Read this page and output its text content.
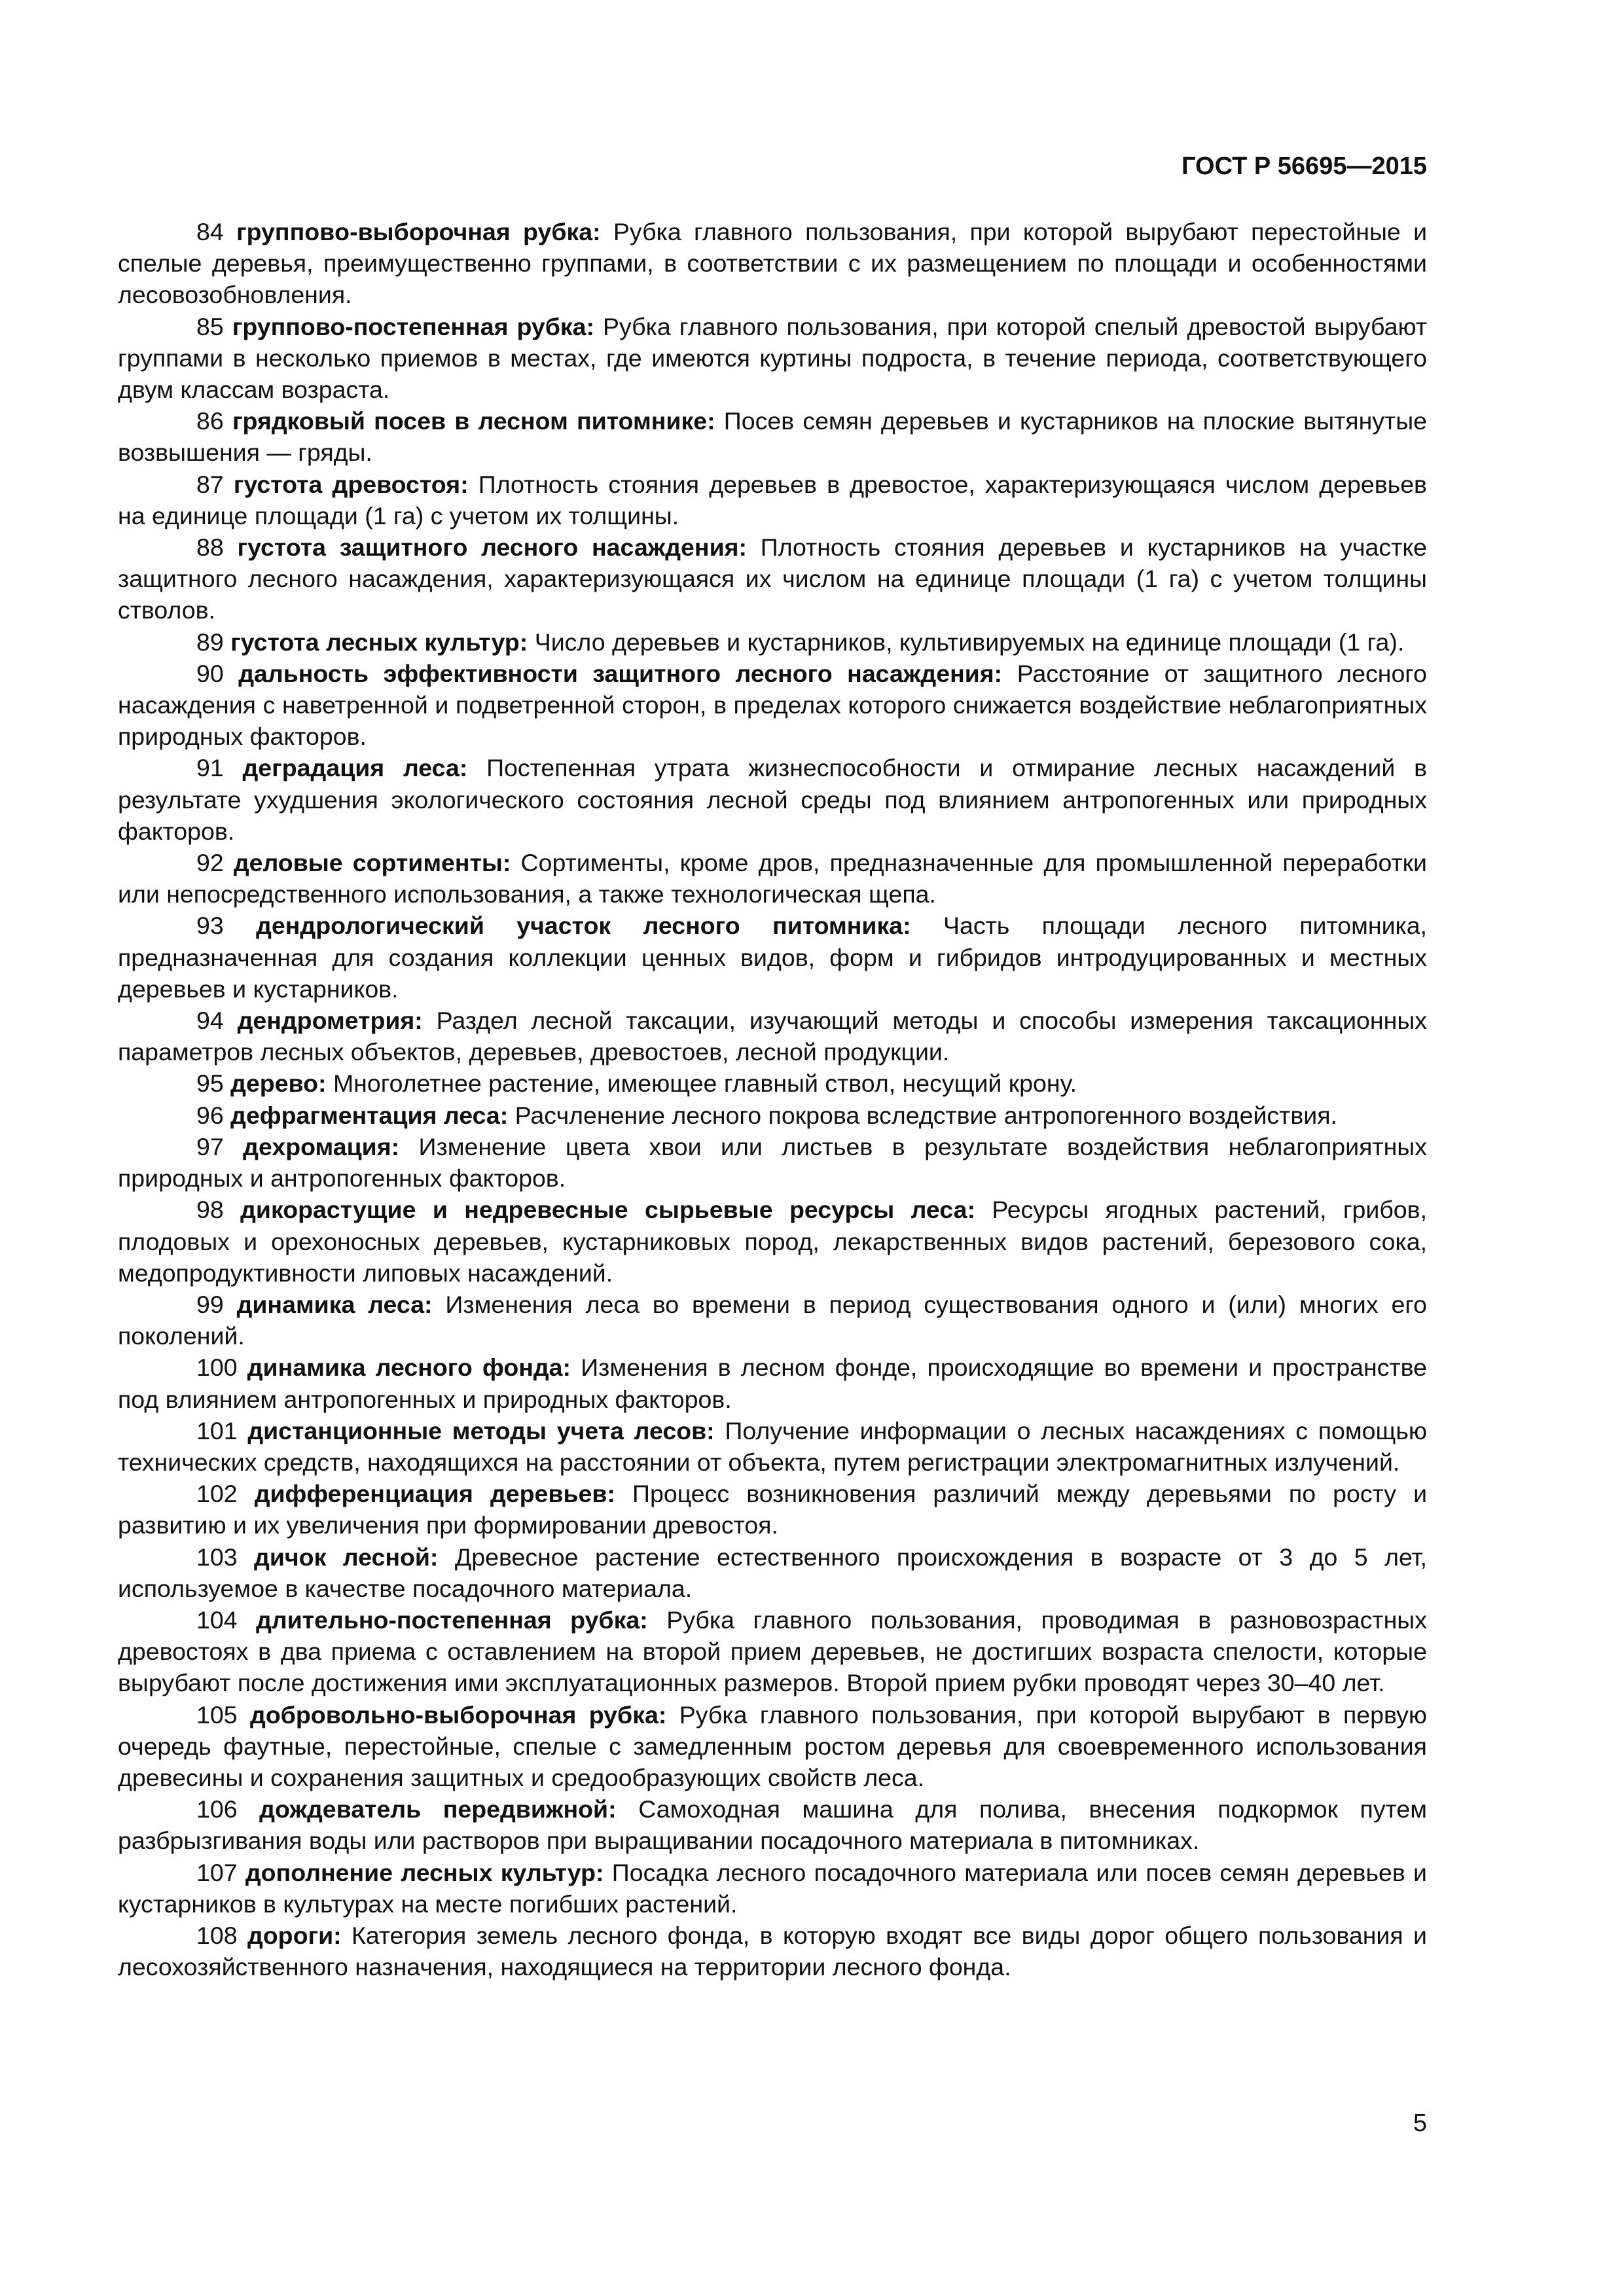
ГОСТ Р 56695—2015

84 групповo-выборочная рубка: Рубка главного пользования, при которой вырубают перестойные и спелые деревья, преимущественно группами, в соответствии с их размещением по площади и особенностями лесовозобновления.

85 группово-постепенная рубка: Рубка главного пользования, при которой спелый древостой вырубают группами в несколько приемов в местах, где имеются куртины подроста, в течение периода, соответствующего двум классам возраста.

86 грядковый посев в лесном питомнике: Посев семян деревьев и кустарников на плоские вытянутые возвышения — гряды.

87 густота древостоя: Плотность стояния деревьев в древостое, характеризующаяся числом деревьев на единице площади (1 га) с учетом их толщины.

88 густота защитного лесного насаждения: Плотность стояния деревьев и кустарников на участке защитного лесного насаждения, характеризующаяся их числом на единице площади (1 га) с учетом толщины стволов.

89 густота лесных культур: Число деревьев и кустарников, культивируемых на единице площади (1 га).

90 дальность эффективности защитного лесного насаждения: Расстояние от защитного лесного насаждения с наветренной и подветренной сторон, в пределах которого снижается воздействие неблагоприятных природных факторов.

91 деградация леса: Постепенная утрата жизнеспособности и отмирание лесных насаждений в результате ухудшения экологического состояния лесной среды под влиянием антропогенных или природных факторов.

92 деловые сортименты: Сортименты, кроме дров, предназначенные для промышленной переработки или непосредственного использования, а также технологическая щепа.

93 дендрологический участок лесного питомника: Часть площади лесного питомника, предназначенная для создания коллекции ценных видов, форм и гибридов интродуцированных и местных деревьев и кустарников.

94 дендрометрия: Раздел лесной таксации, изучающий методы и способы измерения таксационных параметров лесных объектов, деревьев, древостоев, лесной продукции.

95 дерево: Многолетнее растение, имеющее главный ствол, несущий крону.

96 дефрагментация леса: Расчленение лесного покрова вследствие антропогенного воздействия.

97 дехромация: Изменение цвета хвои или листьев в результате воздействия неблагоприятных природных и антропогенных факторов.

98 дикорастущие и недревесные сырьевые ресурсы леса: Ресурсы ягодных растений, грибов, плодовых и орехоносных деревьев, кустарниковых пород, лекарственных видов растений, березового сока, медопродуктивности липовых насаждений.

99 динамика леса: Изменения леса во времени в период существования одного и (или) многих его поколений.

100 динамика лесного фонда: Изменения в лесном фонде, происходящие во времени и пространстве под влиянием антропогенных и природных факторов.

101 дистанционные методы учета лесов: Получение информации о лесных насаждениях с помощью технических средств, находящихся на расстоянии от объекта, путем регистрации электромагнитных излучений.

102 дифференциация деревьев: Процесс возникновения различий между деревьями по росту и развитию и их увеличения при формировании древостоя.

103 дичок лесной: Древесное растение естественного происхождения в возрасте от 3 до 5 лет, используемое в качестве посадочного материала.

104 длительно-постепенная рубка: Рубка главного пользования, проводимая в разновозрастных древостоях в два приема с оставлением на второй прием деревьев, не достигших возраста спелости, которые вырубают после достижения ими эксплуатационных размеров. Второй прием рубки проводят через 30–40 лет.

105 добровольно-выборочная рубка: Рубка главного пользования, при которой вырубают в первую очередь фаутные, перестойные, спелые с замедленным ростом деревья для своевременного использования древесины и сохранения защитных и средообразующих свойств леса.

106 дождеватель передвижной: Самоходная машина для полива, внесения подкормок путем разбрызгивания воды или растворов при выращивании посадочного материала в питомниках.

107 дополнение лесных культур: Посадка лесного посадочного материала или посев семян деревьев и кустарников в культурах на месте погибших растений.

108 дороги: Категория земель лесного фонда, в которую входят все виды дорог общего пользования и лесохозяйственного назначения, находящиеся на территории лесного фонда.

5
